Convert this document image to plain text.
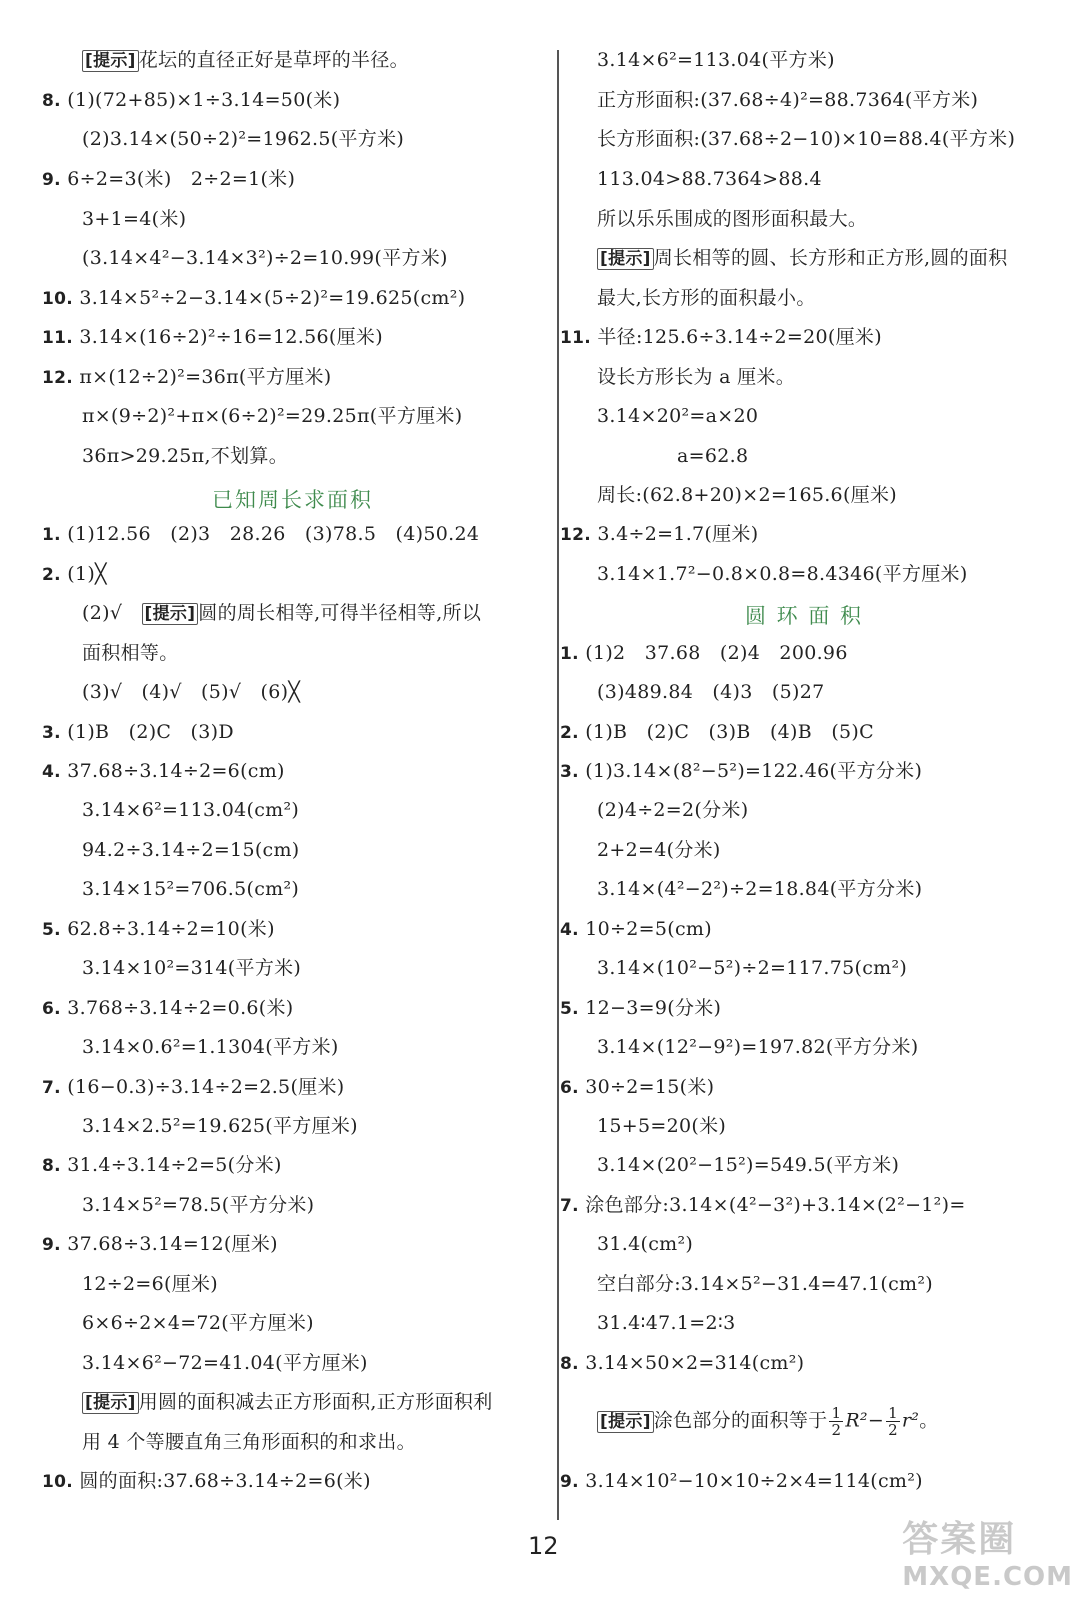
[提示] 花坛的直径正好是草坪的半径。
8. (1)(72+85)×1÷3.14=50(米)
(2)3.14×(50÷2)²=1962.5(平方米)
9. 6÷2=3(米)　2÷2=1(米)
3+1=4(米)
(3.14×4²−3.14×3²)÷2=10.99(平方米)
10. 3.14×5²÷2−3.14×(5÷2)²=19.625(cm²)
11. 3.14×(16÷2)²÷16=12.56(厘米)
12. π×(12÷2)²=36π(平方厘米)
π×(9÷2)²+π×(6÷2)²=29.25π(平方厘米)
36π>29.25π,不划算。
1. (1)12.56　(2)3　28.26　(3)78.5　(4)50.24
2. (1)╳
(2)√　[提示] 圆的周长相等,可得半径相等,所以
面积相等。
(3)√　(4)√　(5)√　(6)╳
3. (1)B　(2)C　(3)D
4. 37.68÷3.14÷2=6(cm)
3.14×6²=113.04(cm²)
94.2÷3.14÷2=15(cm)
3.14×15²=706.5(cm²)
5. 62.8÷3.14÷2=10(米)
3.14×10²=314(平方米)
6. 3.768÷3.14÷2=0.6(米)
3.14×0.6²=1.1304(平方米)
7. (16−0.3)÷3.14÷2=2.5(厘米)
3.14×2.5²=19.625(平方厘米)
8. 31.4÷3.14÷2=5(分米)
3.14×5²=78.5(平方分米)
9. 37.68÷3.14=12(厘米)
12÷2=6(厘米)
6×6÷2×4=72(平方厘米)
3.14×6²−72=41.04(平方厘米)
[提示] 用圆的面积减去正方形面积,正方形面积利
用 4 个等腰直角三角形面积的和求出。
10. 圆的面积:37.68÷3.14÷2=6(米)
已知周长求面积
3.14×6²=113.04(平方米)
正方形面积:(37.68÷4)²=88.7364(平方米)
长方形面积:(37.68÷2−10)×10=88.4(平方米)
113.04>88.7364>88.4
所以乐乐围成的图形面积最大。
[提示] 周长相等的圆、长方形和正方形,圆的面积
最大,长方形的面积最小。
11. 半径:125.6÷3.14÷2=20(厘米)
设长方形长为 a 厘米。
3.14×20²=a×20
a=62.8
周长:(62.8+20)×2=165.6(厘米)
12. 3.4÷2=1.7(厘米)
3.14×1.7²−0.8×0.8=8.4346(平方厘米)
1. (1)2　37.68　(2)4　200.96
(3)489.84　(4)3　(5)27
2. (1)B　(2)C　(3)B　(4)B　(5)C
3. (1)3.14×(8²−5²)=122.46(平方分米)
(2)4÷2=2(分米)
2+2=4(分米)
3.14×(4²−2²)÷2=18.84(平方分米)
4. 10÷2=5(cm)
3.14×(10²−5²)÷2=117.75(cm²)
5. 12−3=9(分米)
3.14×(12²−9²)=197.82(平方分米)
6. 30÷2=15(米)
15+5=20(米)
3.14×(20²−15²)=549.5(平方米)
7. 涂色部分:3.14×(4²−3²)+3.14×(2²−1²)=
31.4(cm²)
空白部分:3.14×5²−31.4=47.1(cm²)
31.4∶47.1=2∶3
8. 3.14×50×2=314(cm²)
9. 3.14×10²−10×10÷2×4=114(cm²)
圆 环 面 积
[提示] 涂色部分的面积等于 $\frac{1}{2} R^2- \frac{1}{2} r^2$。
12	答案圈
MXQE.COM
